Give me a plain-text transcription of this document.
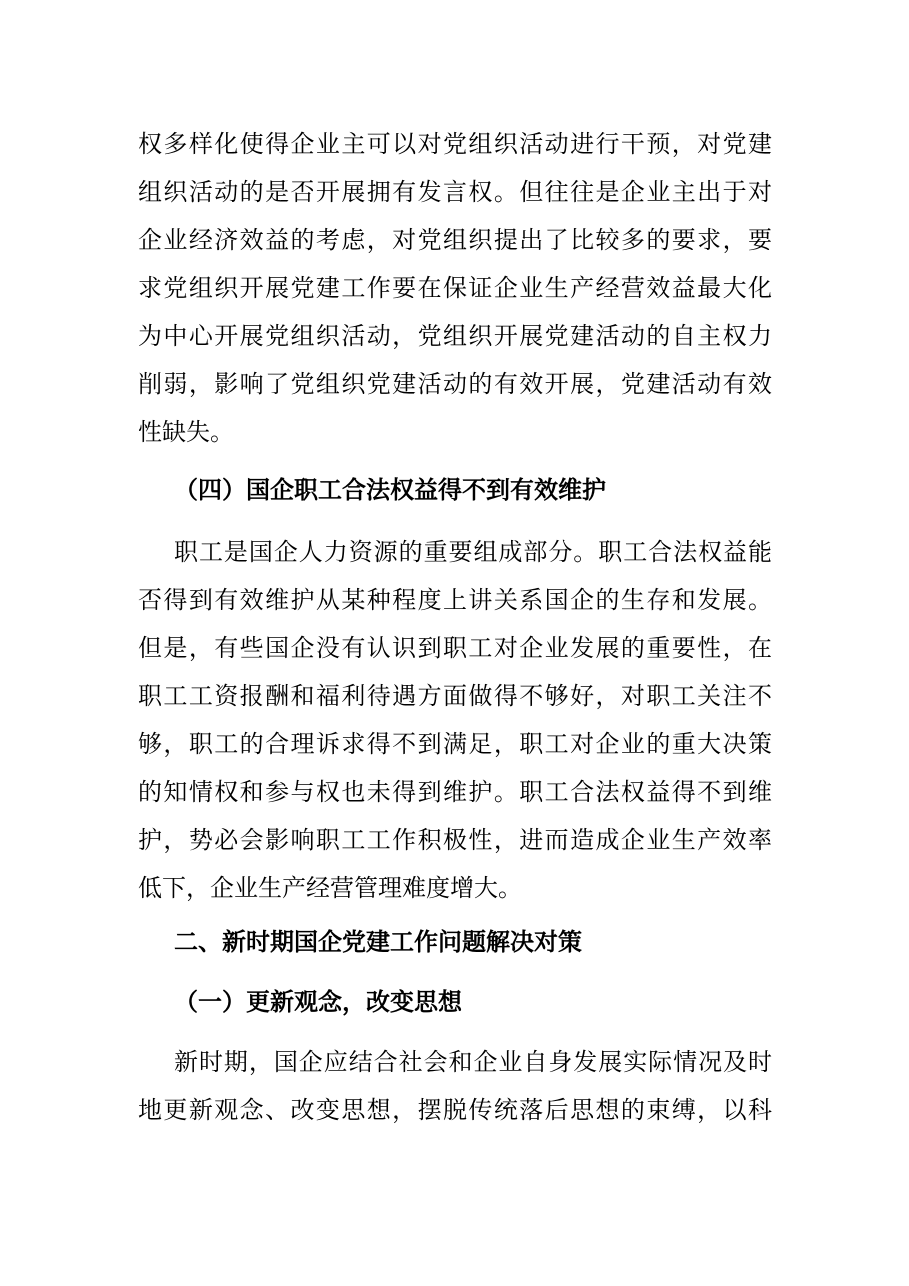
权多样化使得企业主可以对党组织活动进行干预，对党建
组织活动的是否开展拥有发言权。但往往是企业主出于对
企业经济效益的考虑，对党组织提出了比较多的要求，要
求党组织开展党建工作要在保证企业生产经营效益最大化
为中心开展党组织活动，党组织开展党建活动的自主权力
削弱，影响了党组织党建活动的有效开展，党建活动有效
性缺失。
（四）国企职工合法权益得不到有效维护
职工是国企人力资源的重要组成部分。职工合法权益能
否得到有效维护从某种程度上讲关系国企的生存和发展。
但是，有些国企没有认识到职工对企业发展的重要性，在
职工工资报酬和福利待遇方面做得不够好，对职工关注不
够，职工的合理诉求得不到满足，职工对企业的重大决策
的知情权和参与权也未得到维护。职工合法权益得不到维
护，势必会影响职工工作积极性，进而造成企业生产效率
低下，企业生产经营管理难度增大。
二、新时期国企党建工作问题解决对策
（一）更新观念，改变思想
新时期，国企应结合社会和企业自身发展实际情况及时
地更新观念、改变思想，摆脱传统落后思想的束缚，以科
